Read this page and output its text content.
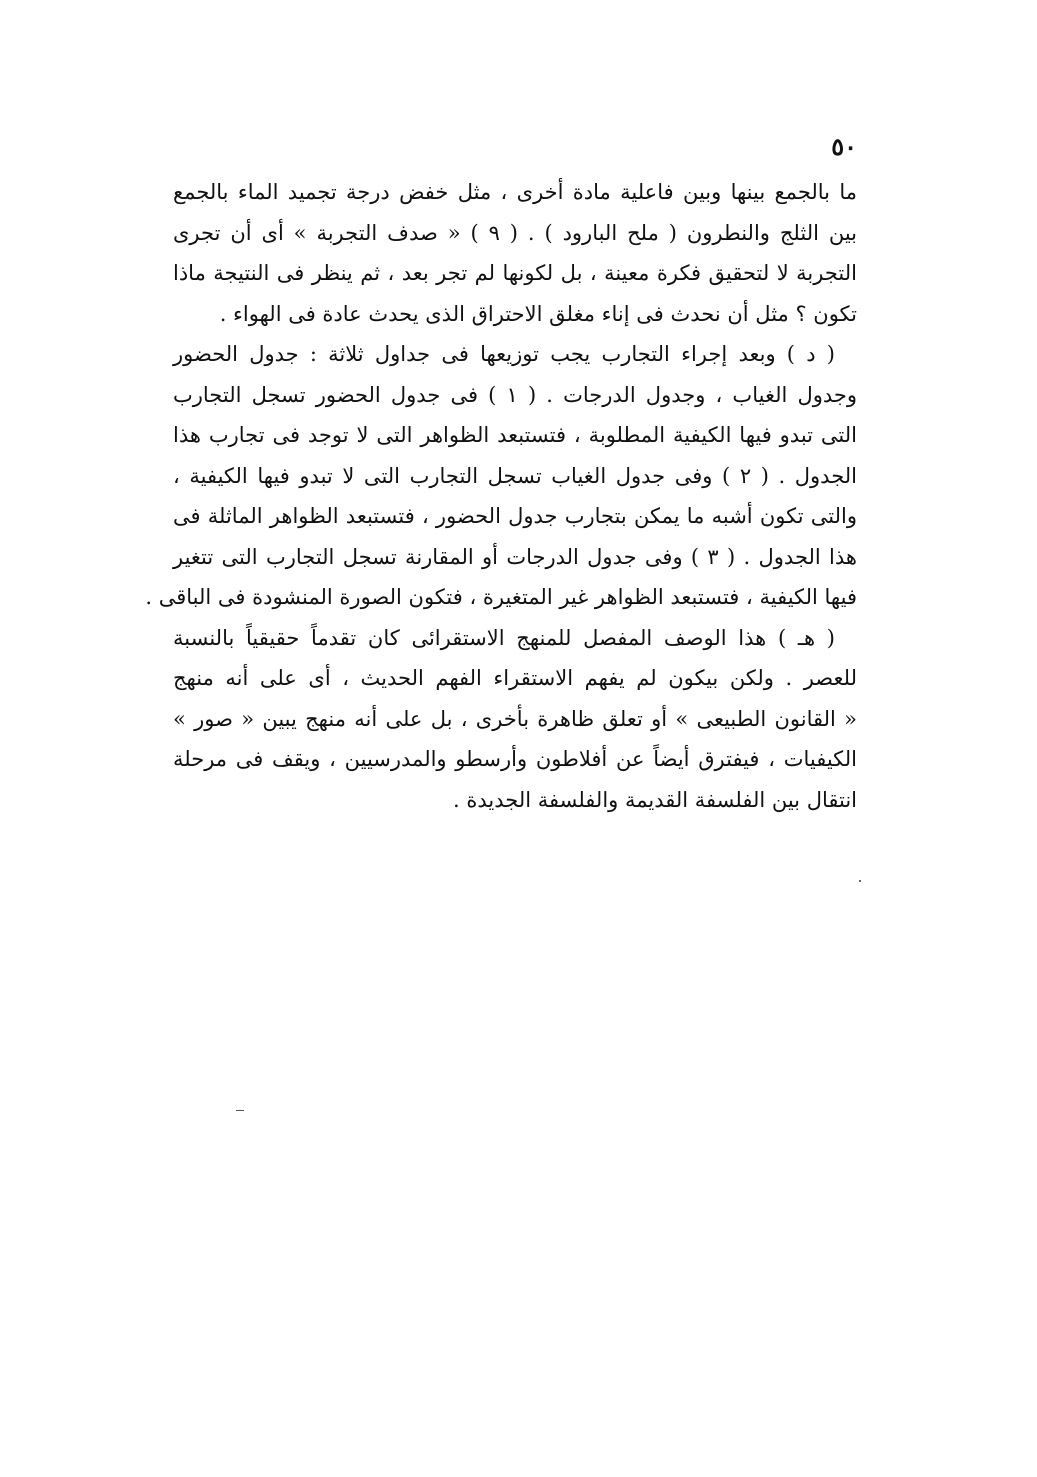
٥٠
ما بالجمع بينها وبين فاعلية مادة أخرى ، مثل خفض درجة تجميد الماء بالجمع
بين الثلج والنطرون ( ملح البارود ) . ( ٩ ) « صدف التجربة » أى أن تجرى
التجربة لا لتحقيق فكرة معينة ، بل لكونها لم تجر بعد ، ثم ينظر فى النتيجة ماذا
تكون ؟ مثل أن نحدث فى إناء مغلق الاحتراق الذى يحدث عادة فى الهواء .
( د ) وبعد إجراء التجارب يجب توزيعها فى جداول ثلاثة : جدول الحضور
وجدول الغياب ، وجدول الدرجات . ( ١ ) فى جدول الحضور تسجل التجارب
التى تبدو فيها الكيفية المطلوبة ، فتستبعد الظواهر التى لا توجد فى تجارب هذا
الجدول . ( ٢ ) وفى جدول الغياب تسجل التجارب التى لا تبدو فيها الكيفية ،
والتى تكون أشبه ما يمكن بتجارب جدول الحضور ، فتستبعد الظواهر الماثلة فى
هذا الجدول . ( ٣ ) وفى جدول الدرجات أو المقارنة تسجل التجارب التى تتغير
فيها الكيفية ، فتستبعد الظواهر غير المتغيرة ، فتكون الصورة المنشودة فى الباقى .
( هـ ) هذا الوصف المفصل للمنهج الاستقرائى كان تقدماً حقيقياً بالنسبة
للعصر . ولكن بيكون لم يفهم الاستقراء الفهم الحديث ، أى على أنه منهج
« القانون الطبيعى » أو تعلق ظاهرة بأخرى ، بل على أنه منهج يبين « صور »
الكيفيات ، فيفترق أيضاً عن أفلاطون وأرسطو والمدرسيين ، ويقف فى مرحلة
انتقال بين الفلسفة القديمة والفلسفة الجديدة .
